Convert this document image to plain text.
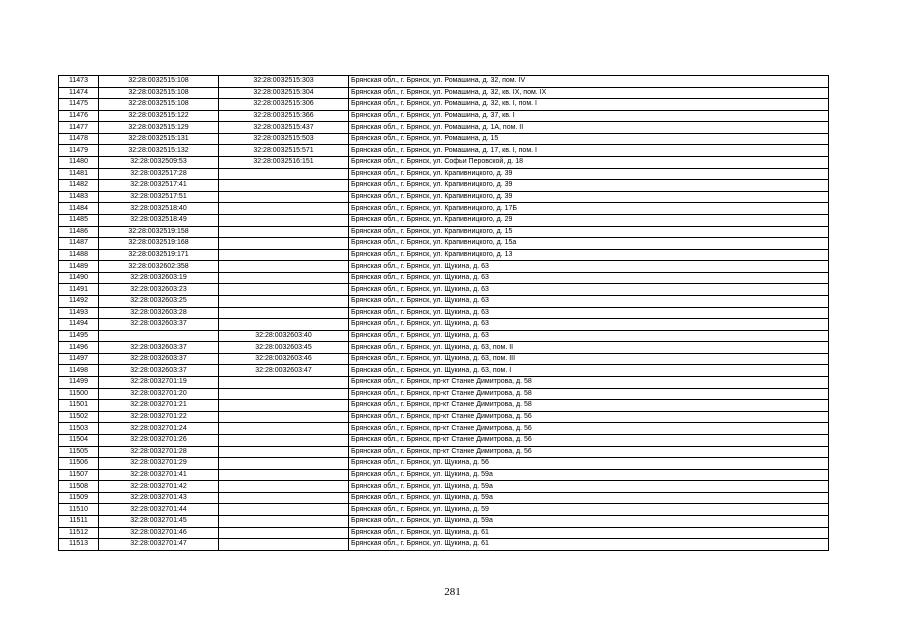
11473	32:28:0032515:108	32:28:0032515:303	Брянская обл., г. Брянск, ул. Ромашина, д. 32, пом. IV
11474	32:28:0032515:108	32:28:0032515:304	Брянская обл., г. Брянск, ул. Ромашина, д. 32, кв. IX, пом. IX
11475	32:28:0032515:108	32:28:0032515:306	Брянская обл., г. Брянск, ул. Ромашина, д. 32, кв. I, пом. I
11476	32:28:0032515:122	32:28:0032515:366	Брянская обл., г. Брянск, ул. Ромашина, д. 37, кв. I
11477	32:28:0032515:129	32:28:0032515:437	Брянская обл., г. Брянск, ул. Ромашина, д. 1А, пом. II
11478	32:28:0032515:131	32:28:0032515:503	Брянская обл., г. Брянск, ул. Ромашина, д. 15
11479	32:28:0032515:132	32:28:0032515:571	Брянская обл., г. Брянск, ул. Ромашина, д. 17, кв. I, пом. I
11480	32:28:0032509:53	32:28:0032516:151	Брянская обл., г. Брянск, ул. Софьи Перовской, д. 18
11481	32:28:0032517:28		Брянская обл., г. Брянск, ул. Крапивницкого, д. 39
11482	32:28:0032517:41		Брянская обл., г. Брянск, ул. Крапивницкого, д. 39
11483	32:28:0032517:51		Брянская обл., г. Брянск, ул. Крапивницкого, д. 39
11484	32:28:0032518:40		Брянская обл., г. Брянск, ул. Крапивницкого, д. 17Б
11485	32:28:0032518:49		Брянская обл., г. Брянск, ул. Крапивницкого, д. 29
11486	32:28:0032519:158		Брянская обл., г. Брянск, ул. Крапивницкого, д. 15
11487	32:28:0032519:168		Брянская обл., г. Брянск, ул. Крапивницкого, д. 15а
11488	32:28:0032519:171		Брянская обл., г. Брянск, ул. Крапивницкого, д. 13
11489	32:28:0032602:358		Брянская обл., г. Брянск, ул. Щукина, д. 63
11490	32:28:0032603:19		Брянская обл., г. Брянск, ул. Щукина, д. 63
11491	32:28:0032603:23		Брянская обл., г. Брянск, ул. Щукина, д. 63
11492	32:28:0032603:25		Брянская обл., г. Брянск, ул. Щукина, д. 63
11493	32:28:0032603:28		Брянская обл., г. Брянск, ул. Щукина, д. 63
11494	32:28:0032603:37		Брянская обл., г. Брянск, ул. Щукина, д. 63
11495		32:28:0032603:40	Брянская обл., г. Брянск, ул. Щукина, д. 63
11496	32:28:0032603:37	32:28:0032603:45	Брянская обл., г. Брянск, ул. Щукина, д. 63, пом. II
11497	32:28:0032603:37	32:28:0032603:46	Брянская обл., г. Брянск, ул. Щукина, д. 63, пом. III
11498	32:28:0032603:37	32:28:0032603:47	Брянская обл., г. Брянск, ул. Щукина, д. 63, пом. I
11499	32:28:0032701:19		Брянская обл., г. Брянск, пр-кт Станке Димитрова, д. 58
11500	32:28:0032701:20		Брянская обл., г. Брянск, пр-кт Станке Димитрова, д. 58
11501	32:28:0032701:21		Брянская обл., г. Брянск, пр-кт Станке Димитрова, д. 58
11502	32:28:0032701:22		Брянская обл., г. Брянск, пр-кт Станке Димитрова, д. 56
11503	32:28:0032701:24		Брянская обл., г. Брянск, пр-кт Станке Димитрова, д. 56
11504	32:28:0032701:26		Брянская обл., г. Брянск, пр-кт Станке Димитрова, д. 56
11505	32:28:0032701:28		Брянская обл., г. Брянск, пр-кт Станке Димитрова, д. 56
11506	32:28:0032701:29		Брянская обл., г. Брянск, ул. Щукина, д. 56
11507	32:28:0032701:41		Брянская обл., г. Брянск, ул. Щукина, д. 59а
11508	32:28:0032701:42		Брянская обл., г. Брянск, ул. Щукина, д. 59а
11509	32:28:0032701:43		Брянская обл., г. Брянск, ул. Щукина, д. 59а
11510	32:28:0032701:44		Брянская обл., г. Брянск, ул. Щукина, д. 59
11511	32:28:0032701:45		Брянская обл., г. Брянск, ул. Щукина, д. 59а
11512	32:28:0032701:46		Брянская обл., г. Брянск, ул. Щукина, д. 61
11513	32:28:0032701:47		Брянская обл., г. Брянск, ул. Щукина, д. 61
281
